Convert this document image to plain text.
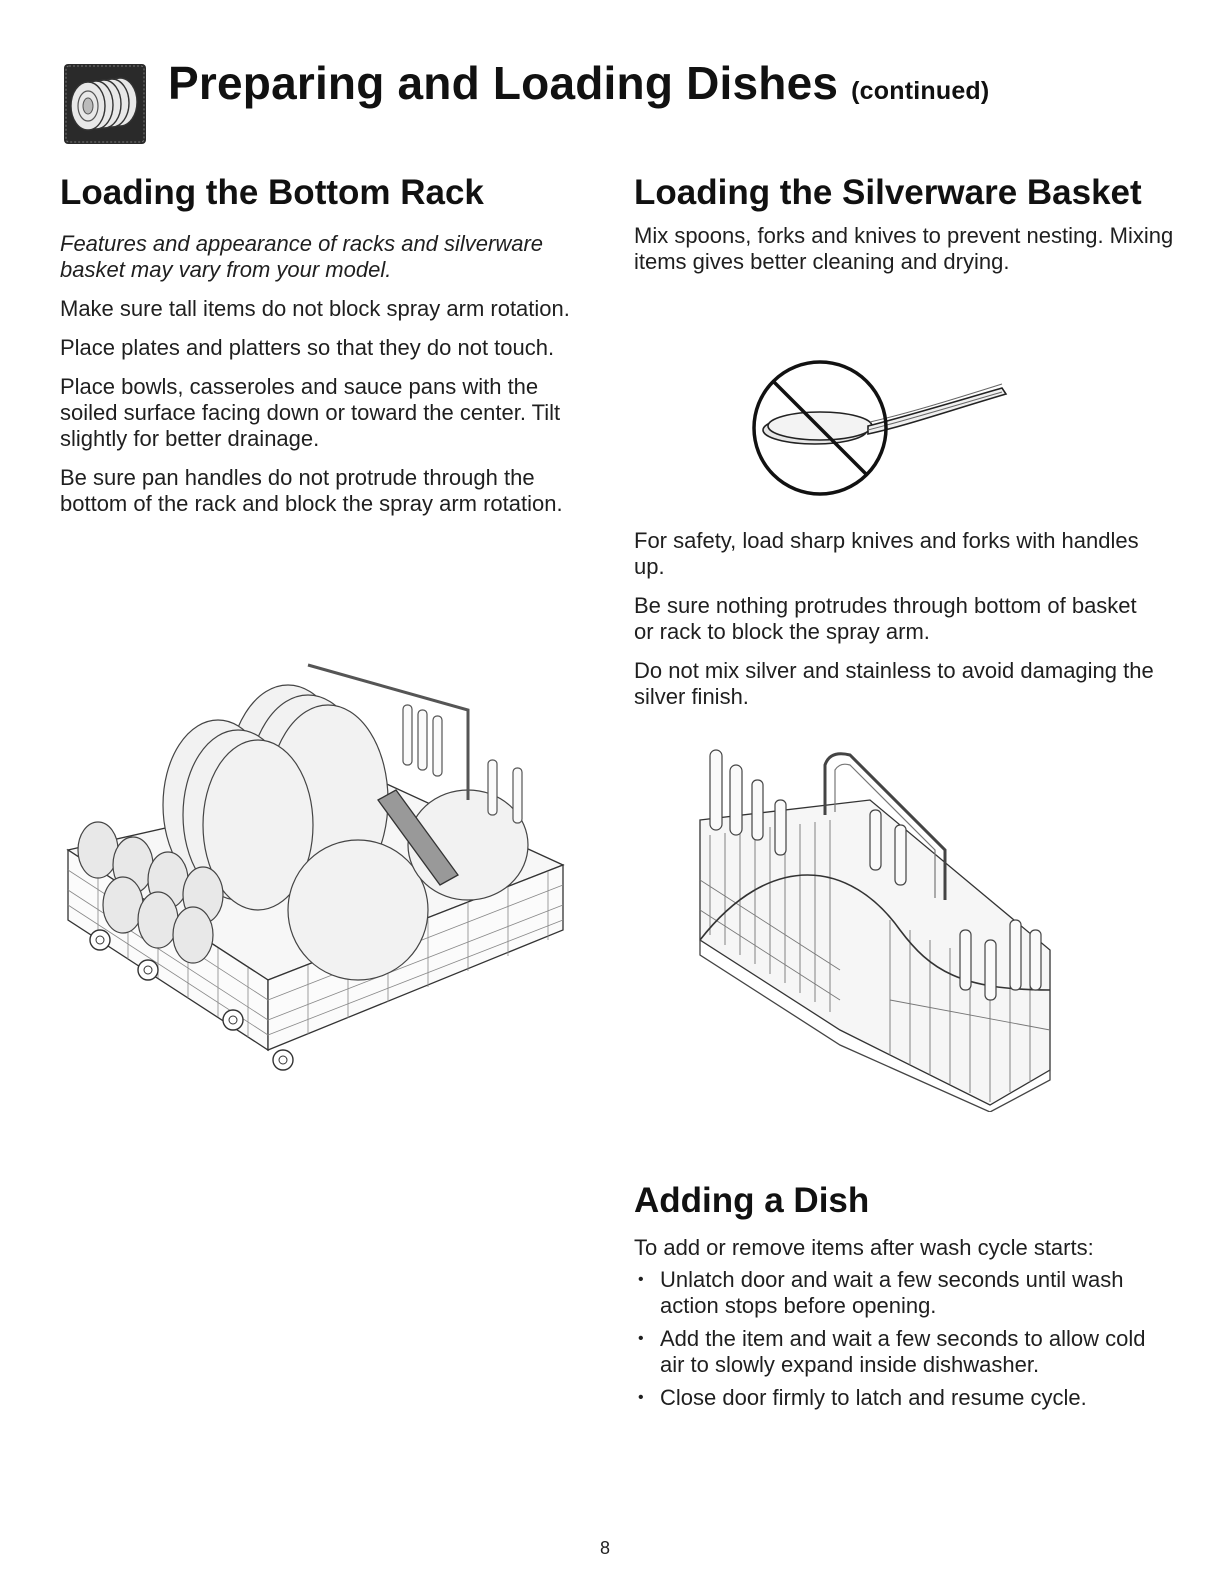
Preparing and Loading Dishes (continued)
Loading the Bottom Rack

Features and appearance of racks and silverware basket may vary from your model.

Make sure tall items do not block spray arm rotation.

Place plates and platters so that they do not touch.

Place bowls, casseroles and sauce pans with the soiled surface facing down or toward the center. Tilt slightly for better drainage.

Be sure pan handles do not protrude through the bottom of the rack and block the spray arm rotation.

Loading the Silverware Basket

Mix spoons, forks and knives to prevent nesting. Mixing items gives better cleaning and drying.

For safety, load sharp knives and forks with handles up.

Be sure nothing protrudes through bottom of basket or rack to block the spray arm.

Do not mix silver and stainless to avoid damaging the silver finish.

Adding a Dish

To add or remove items after wash cycle starts:

• Unlatch door and wait a few seconds until wash action stops before opening.
• Add the item and wait a few seconds to allow cold air to slowly expand inside dishwasher.
• Close door firmly to latch and resume cycle.
8
